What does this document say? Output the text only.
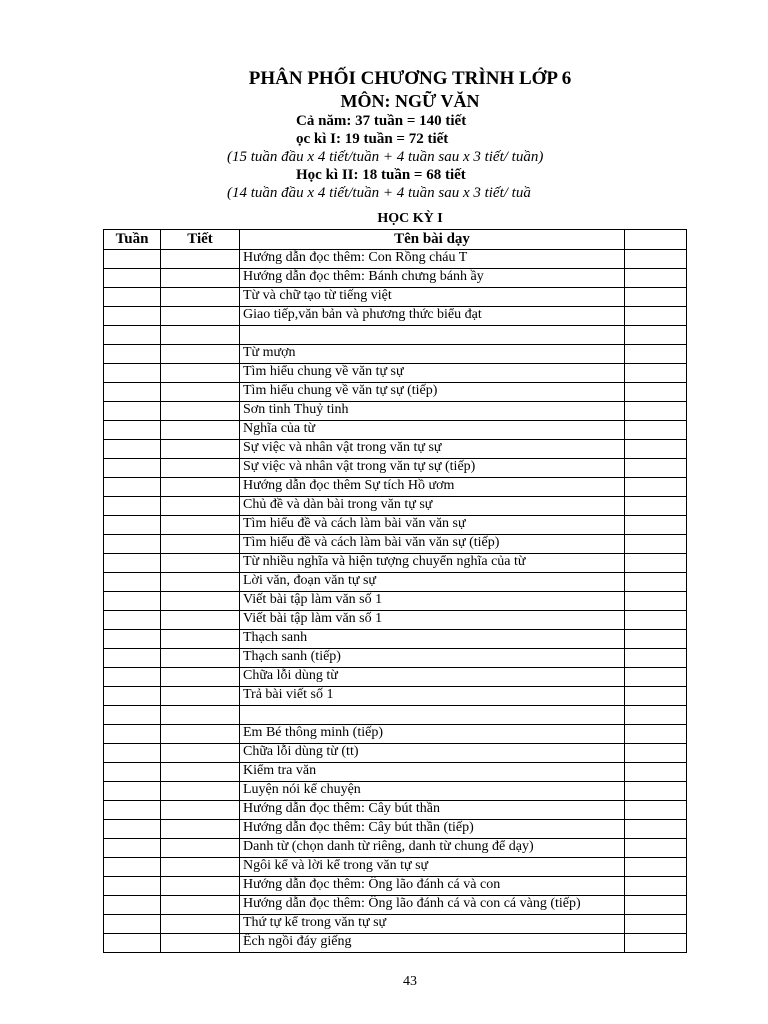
PHÂN PHỐI CHƯƠNG TRÌNH LỚP 6
MÔN: NGỮ VĂN
Cả năm: 37 tuần = 140 tiết
ọc kì I: 19 tuần = 72 tiết
(15 tuần đầu x 4 tiết/tuần + 4 tuần sau x 3 tiết/ tuần)
Học kì II: 18 tuần = 68 tiết
(14 tuần đầu x 4 tiết/tuần + 4 tuần sau x 3 tiết/ tuầ
HỌC KỲ I
Tuần	Tiết	Tên bài dạy	
		Hướng dẫn đọc thêm: Con Rồng cháu T	
		Hướng dẫn đọc thêm: Bánh chưng bánh ầy	
		Từ và chữ tạo từ tiếng việt	
		Giao tiếp,văn bản và phương thức biểu đạt	

		Từ mượn	
		Tìm hiểu chung về văn tự sự	
		Tìm hiểu chung về văn tự sự (tiếp)	
		Sơn tinh Thuỷ tinh	
		Nghĩa của từ	
		Sự việc và nhân vật trong văn tự sự	
		Sự việc và nhân vật trong văn tự sự (tiếp)	
		Hướng dẫn đọc thêm Sự tích Hồ ươm	
		Chủ đề và dàn bài trong văn tự sự	
		Tìm hiểu đề và cách làm bài văn văn sự	
		Tìm hiểu đề và cách làm bài văn văn sự (tiếp)	
		Từ nhiều nghĩa và hiện tượng chuyển nghĩa của từ	
		Lời văn, đoạn văn tự sự	
		Viết bài tập làm văn số 1	
		Viết bài tập làm văn số 1	
		Thạch sanh	
		Thạch sanh (tiếp)	
		Chữa lỗi dùng từ	
		Trả bài viết số 1	

		Em Bé thông minh (tiếp)	
		Chữa lỗi dùng từ (tt)	
		Kiểm tra văn	
		Luyện nói kể chuyện	
		Hướng dẫn đọc thêm: Cây bút thần	
		Hướng dẫn đọc thêm: Cây bút thần (tiếp)	
		Danh từ (chọn danh từ riêng, danh từ chung để dạy)	
		Ngôi kể và lời kể trong văn tự sự	
		Hướng dẫn đọc thêm: Ông lão đánh cá và con	
		Hướng dẫn đọc thêm: Ông lão đánh cá và con cá vàng (tiếp)	
		Thứ tự kể trong văn tự sự	
		Ếch ngồi đáy giếng	
43
